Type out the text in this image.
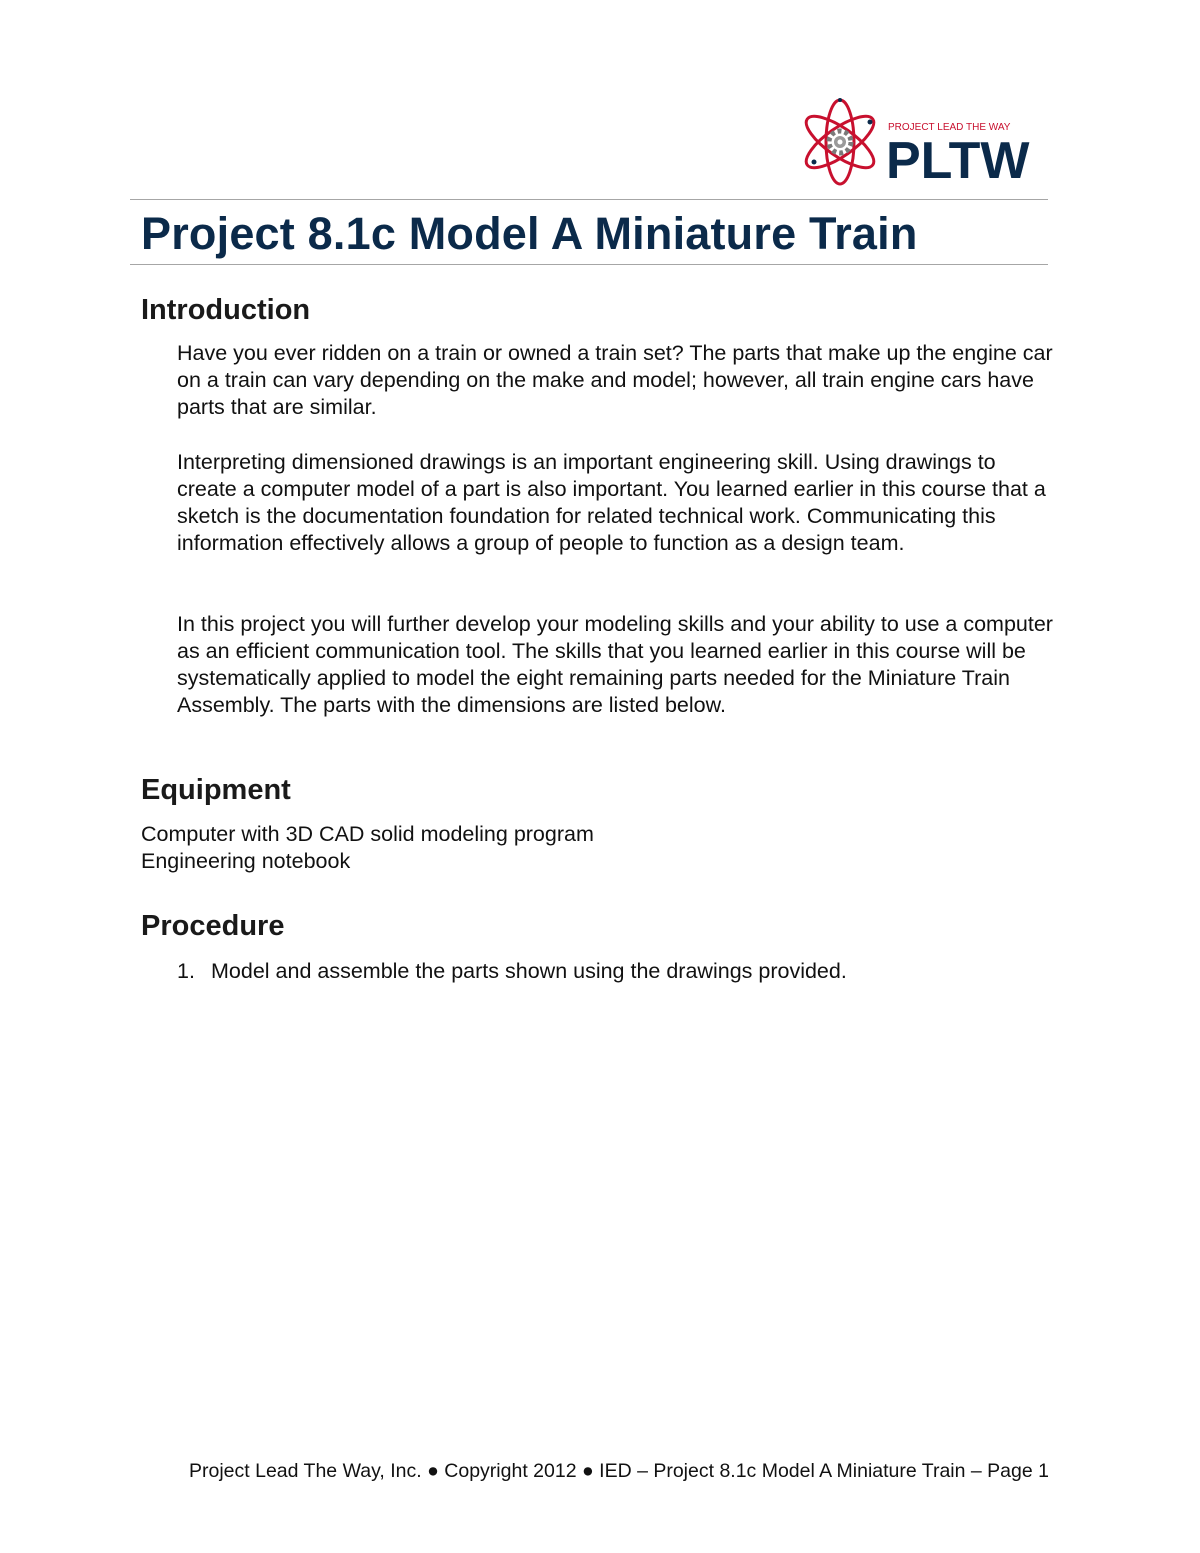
PROJECT LEAD THE WAY
PLTW
Project 8.1c Model A Miniature Train
Introduction

Have you ever ridden on a train or owned a train set? The parts that make up the engine car on a train can vary depending on the make and model; however, all train engine cars have parts that are similar.

Interpreting dimensioned drawings is an important engineering skill. Using drawings to create a computer model of a part is also important. You learned earlier in this course that a sketch is the documentation foundation for related technical work. Communicating this information effectively allows a group of people to function as a design team.

In this project you will further develop your modeling skills and your ability to use a computer as an efficient communication tool. The skills that you learned earlier in this course will be systematically applied to model the eight remaining parts needed for the Miniature Train Assembly. The parts with the dimensions are listed below.

Equipment

Computer with 3D CAD solid modeling program

Engineering notebook

Procedure

1. Model and assemble the parts shown using the drawings provided.

Project Lead The Way, Inc. ● Copyright 2012 ● IED – Project 8.1c Model A Miniature Train – Page 1
